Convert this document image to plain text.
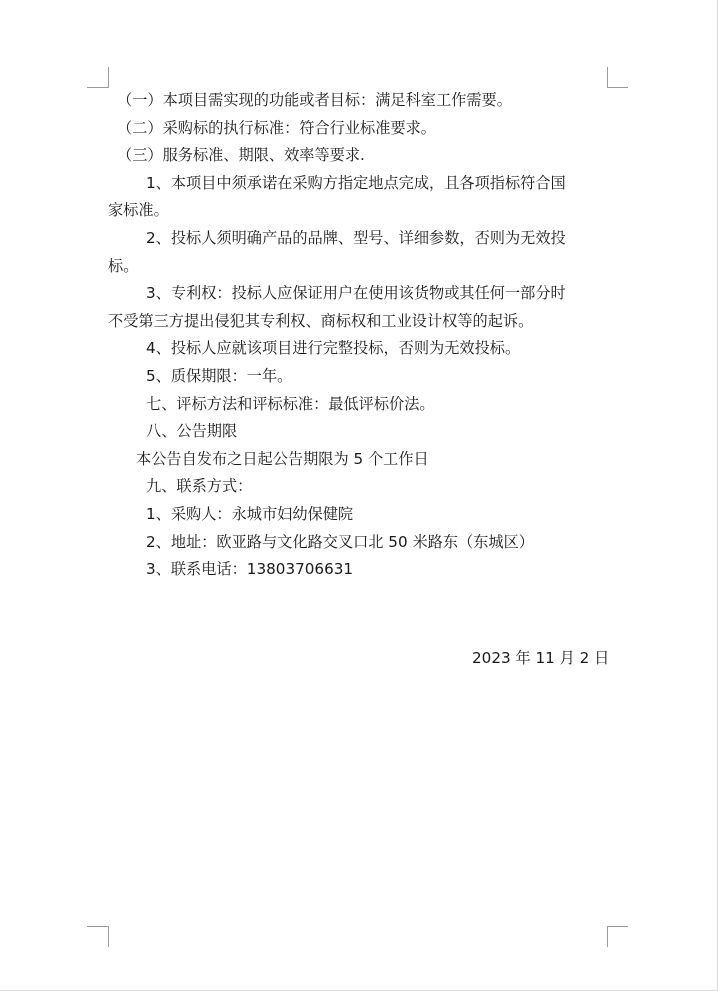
（一）本项目需实现的功能或者目标：满足科室工作需要。
（二）采购标的执行标准：符合行业标准要求。
（三）服务标准、期限、效率等要求.
1、本项目中须承诺在采购方指定地点完成，且各项指标符合国
家标准。
2、投标人须明确产品的品牌、型号、详细参数，否则为无效投
标。
3、专利权：投标人应保证用户在使用该货物或其任何一部分时
不受第三方提出侵犯其专利权、商标权和工业设计权等的起诉。
4、投标人应就该项目进行完整投标，否则为无效投标。
5、质保期限：一年。
七、评标方法和评标标准：最低评标价法。
八、公告期限
本公告自发布之日起公告期限为 5 个工作日
九、联系方式：
1、采购人：永城市妇幼保健院
2、地址：欧亚路与文化路交叉口北 50 米路东（东城区）
3、联系电话：13803706631
2023 年 11 月 2 日
